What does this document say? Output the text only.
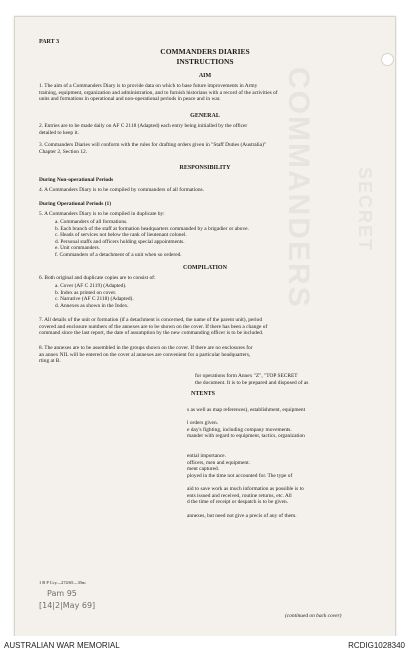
COMMANDERS SECRET
PART 3
COMMANDERS DIARIES
INSTRUCTIONS
AIM
1. The aim of a Commanders Diary is to provide data on which to base future improvements in Army
training, equipment, organization and administration, and to furnish historians with a record of the activities of
units and formations in operational and non-operational periods in peace and in war.
GENERAL
2. Entries are to be made daily on AF C 2118 (Adapted) each entry being initialled by the officer
detailed to keep it.
3. Commanders Diaries will conform with the rules for drafting orders given in "Staff Duties (Australia)"
Chapter 2, Section 12.
RESPONSIBILITY
During Non-operational Periods
4. A Commanders Diary is to be compiled by commanders of all formations.
During Operational Periods (1)
5. A Commanders Diary is to be compiled in duplicate by:
a. Commanders of all formations.
b. Each branch of the staff at formation headquarters commanded by a brigadier or above.
c. Heads of services not below the rank of lieutenant colonel.
d. Personal staffs and officers holding special appointments.
e. Unit commanders.
f. Commanders of a detachment of a unit when so ordered.
COMPILATION
6. Both original and duplicate copies are to consist of:
a. Cover (AF C 2119) (Adapted).
b. Index as printed on cover.
c. Narrative (AF C 2118) (Adapted).
d. Annexes as shown in the Index.
7. All details of the unit or formation (if a detachment is concerned, the name of the parent unit), period
covered and enclosure numbers of the annexes are to be shown on the cover. If there has been a change of
command since the last report, the date of assumption by the new commanding officer is to be included.
8. The annexes are to be assembled in the groups shown on the cover. If there are no enclosures for
an annex NIL will be entered on the cover al annexes are convenient for a particular headquarters,
rting at B.
for operations form Annex "Z", "TOP SECRET
the document. It is to be prepared and disposed of as
NTENTS
s as well as map references), establishment, equipment

l orders given.
e day's fighting, including company movements.
mander with regard to equipment, tactics, organization

ential importance.
officers, men and equipment.
ment captured.
ployed in the time not accounted for. The type of

aid to save work as much information as possible is to
ents issued and received, routine returns, etc. All
d the time of receipt or despatch is to be given.

annexes, but need not give a precis of any of them.
(continued on back cover)
1 B P Ccy—274/65—35m
Pam 95
[14|2|May 69]
AUSTRALIAN WAR MEMORIAL	RCDIG1028340
